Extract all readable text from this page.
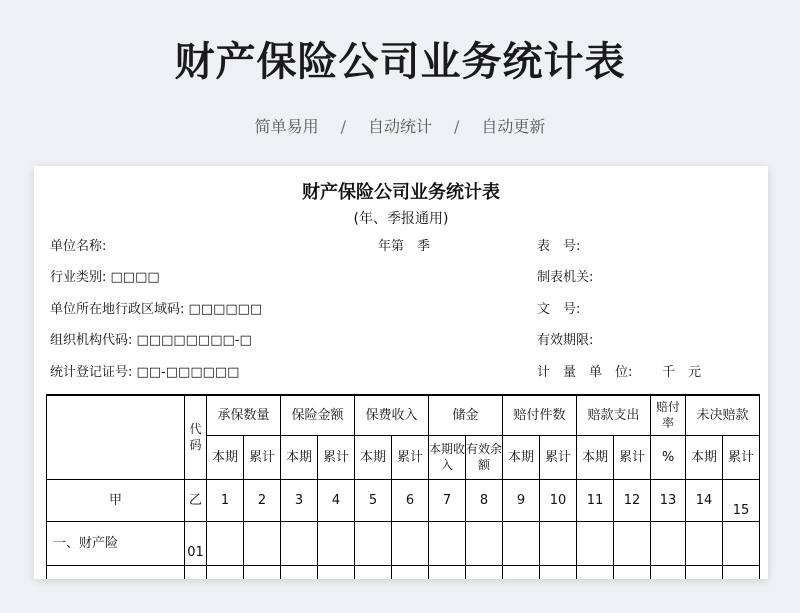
财产保险公司业务统计表
简单易用 / 自动统计 / 自动更新
财产保险公司业务统计表
(年、季报通用)
单位名称:	年第　季	表　号:
行业类别: □□□□	制表机关:
单位所在地行政区域码: □□□□□□	文　号:
组织机构代码: □□□□□□□□-□	有效期限:
统计登记证号: □□-□□□□□□	计　量　单　位: 千　元
	代码	承保数量		保险金额		保费收入		储金		赔付件数		赔款支出		赔付率	未决赔款	
		本期	累计	本期	累计	本期	累计	本期收入	有效余额	本期	累计	本期	累计	%	本期	累计
甲	乙	1	2	3	4	5	6	7	8	9	10	11	12	13	14	15
一、财产险	01															
